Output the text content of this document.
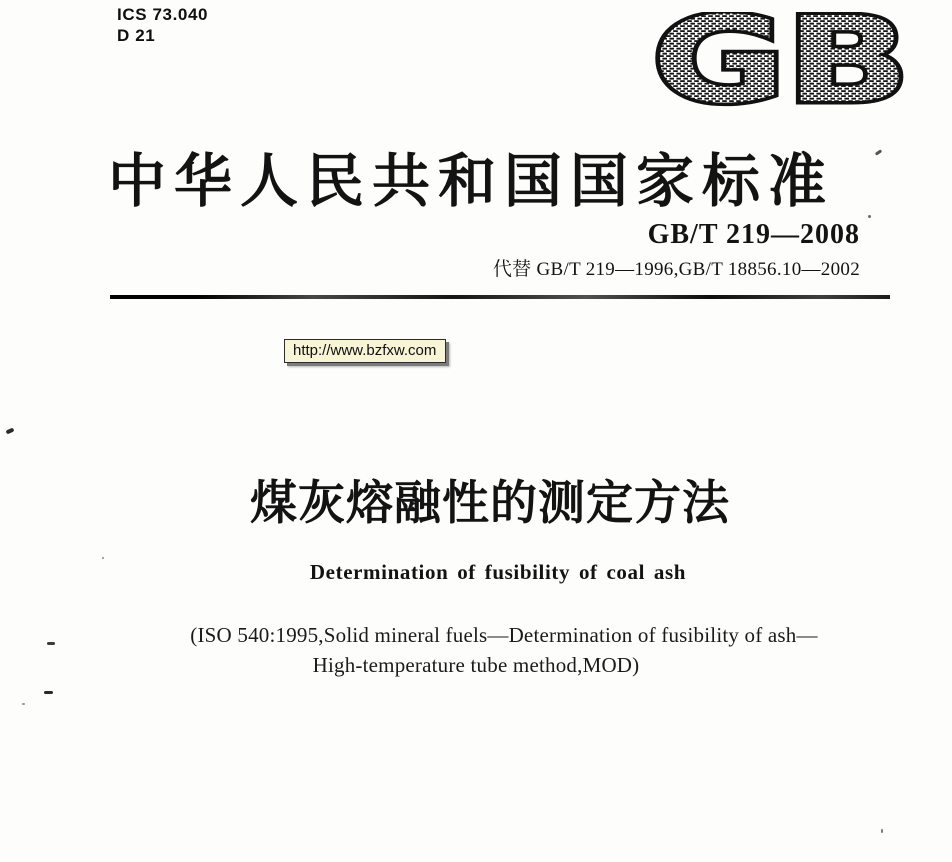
ICS 73.040
D 21	GB
中华人民共和国国家标准
GB/T 219—2008
代替 GB/T 219—1996,GB/T 18856.10—2002
http://www.bzfxw.com
煤灰熔融性的测定方法
Determination of fusibility of coal ash
(ISO 540:1995,Solid mineral fuels—Determination of fusibility of ash—
High-temperature tube method,MOD)
